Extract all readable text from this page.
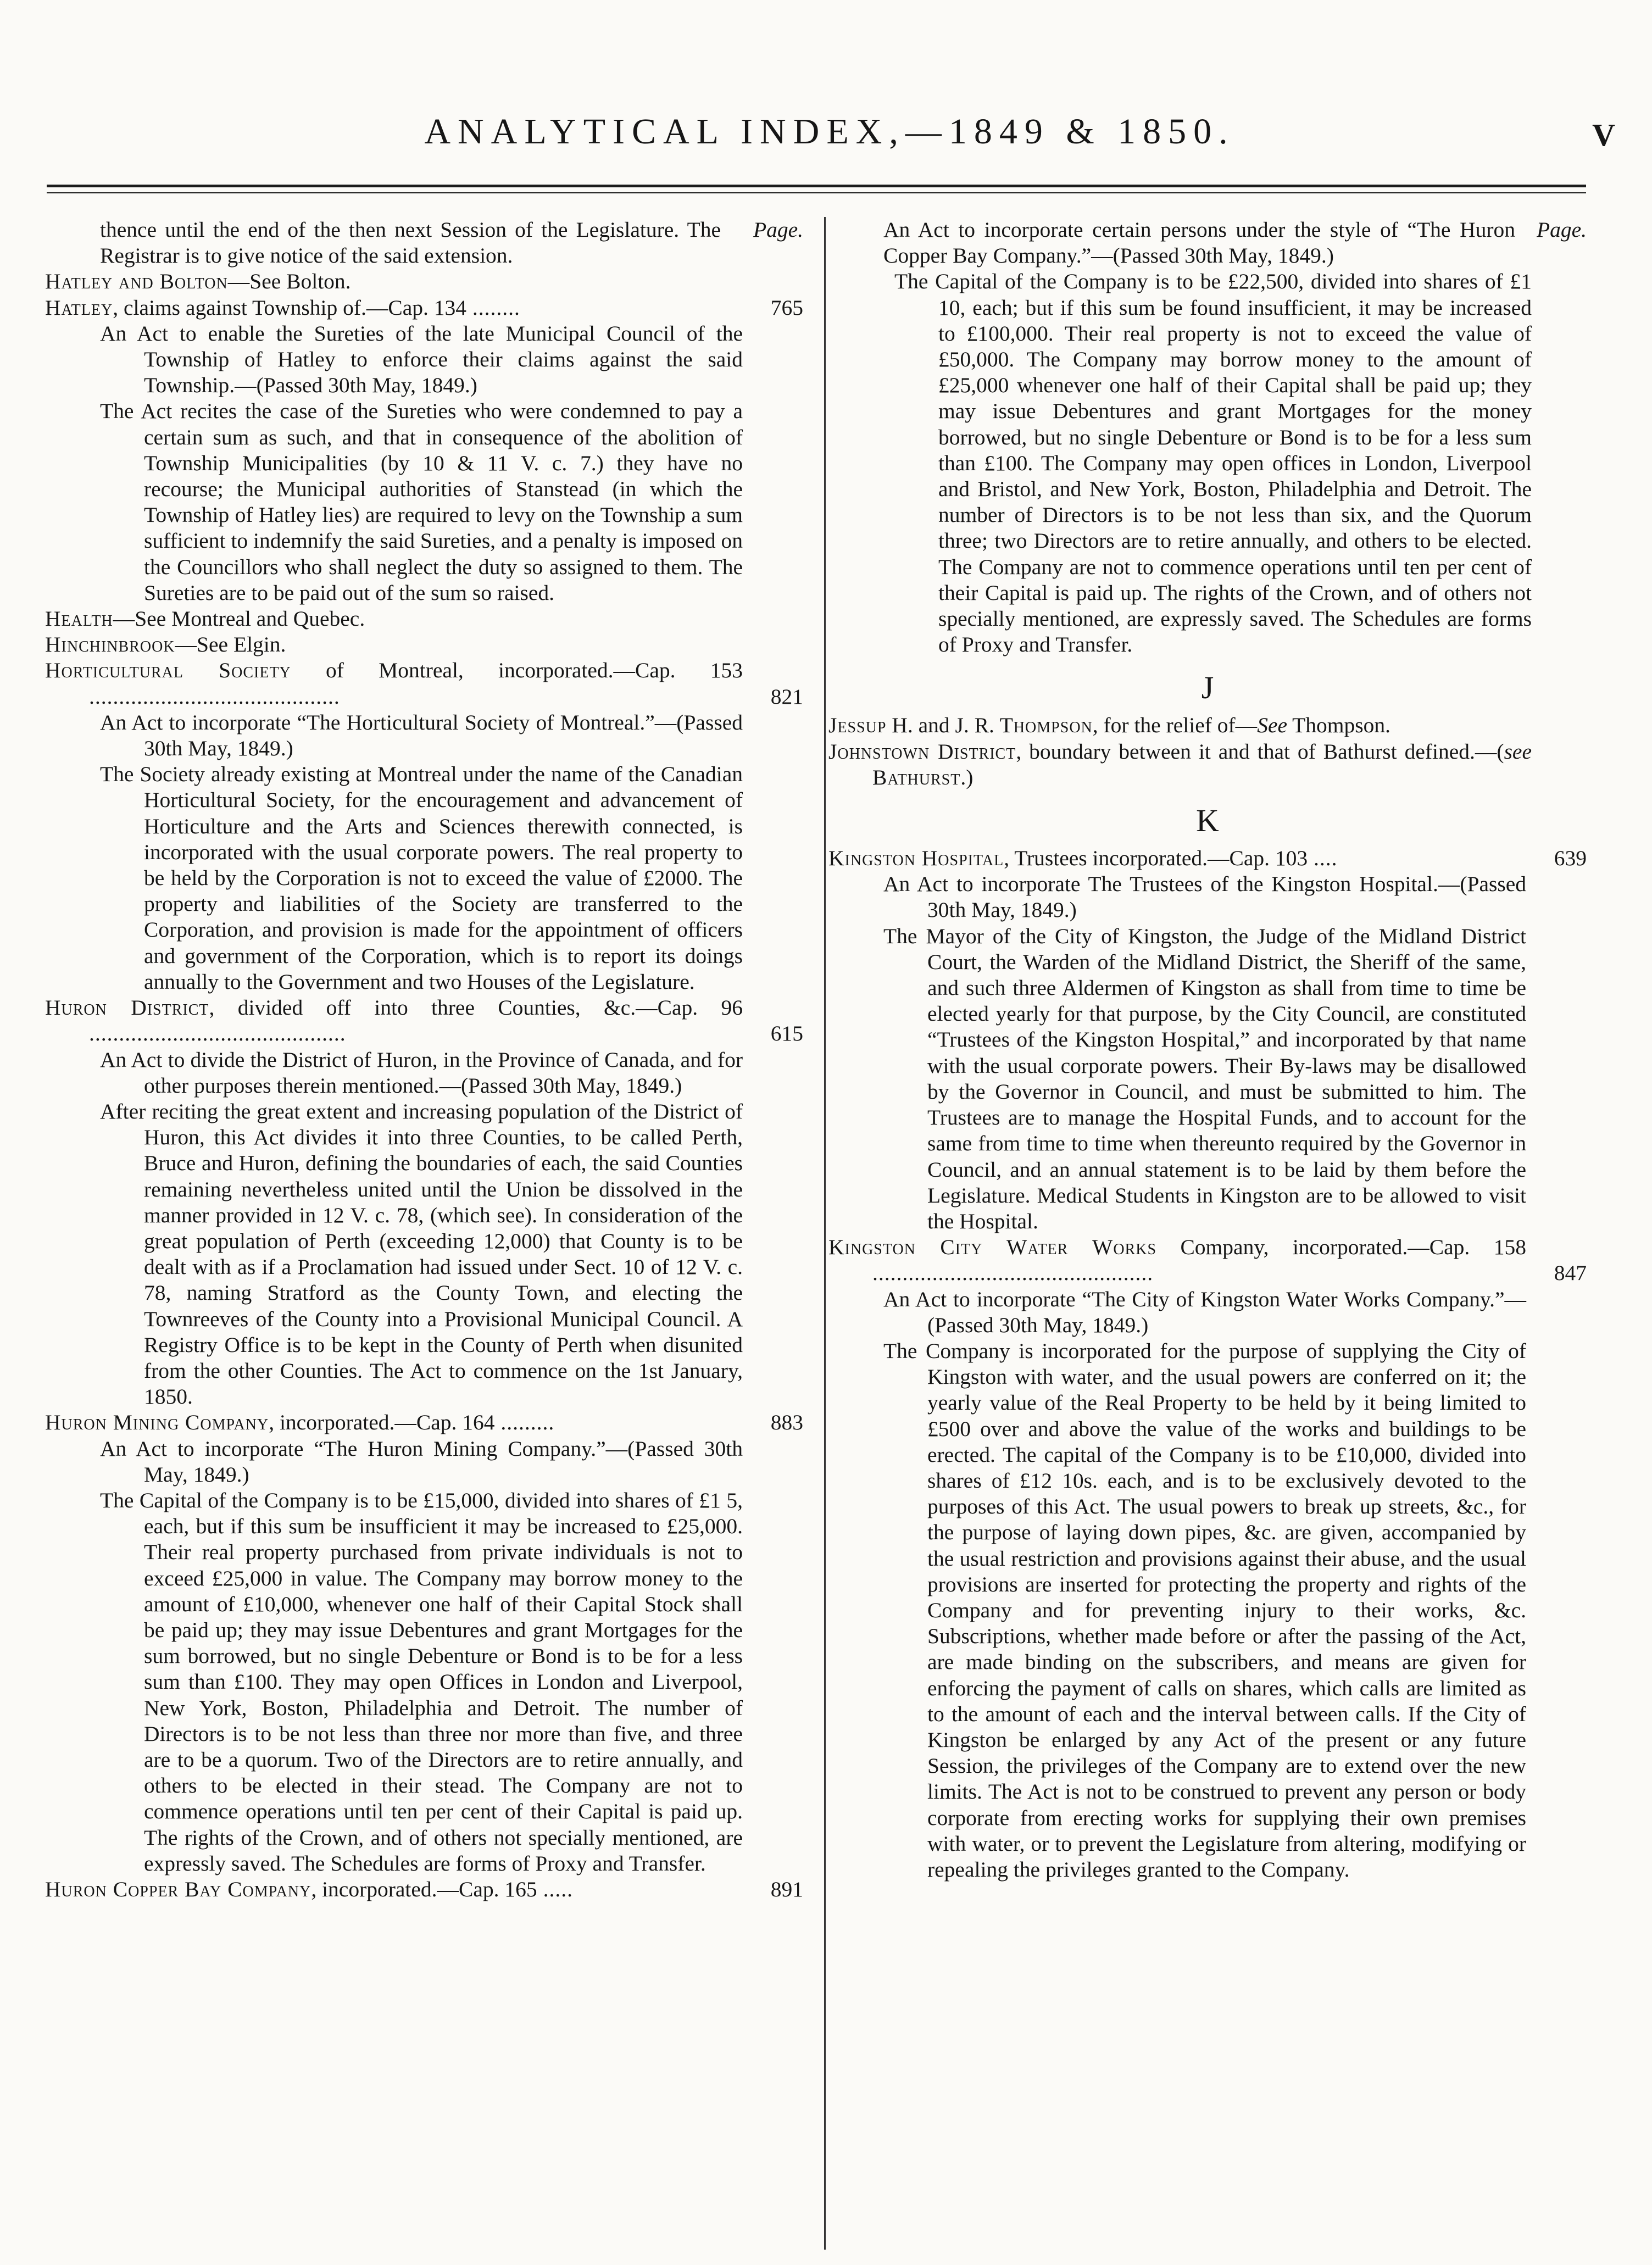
ANALYTICAL INDEX,—1849 & 1850.	V
Page.
thence until the end of the then next Session of the Legislature. The Registrar is to give notice of the said extension.
Hatley and Bolton—See Bolton.
Hatley, claims against Township of.—Cap. 134 ........	765
An Act to enable the Sureties of the late Municipal Council of the Township of Hatley to enforce their claims against the said Township.—(Passed 30th May, 1849.)
The Act recites the case of the Sureties who were condemned to pay a certain sum as such, and that in consequence of the abolition of Township Municipalities (by 10 & 11 V. c. 7.) they have no recourse; the Municipal authorities of Stanstead (in which the Township of Hatley lies) are required to levy on the Township a sum sufficient to indemnify the said Sureties, and a penalty is imposed on the Councillors who shall neglect the duty so assigned to them. The Sureties are to be paid out of the sum so raised.
Health—See Montreal and Quebec.
Hinchinbrook—See Elgin.
Horticultural Society of Montreal, incorporated.—Cap. 153 ..........................................	821
An Act to incorporate “The Horticultural Society of Montreal.”—(Passed 30th May, 1849.)
The Society already existing at Montreal under the name of the Canadian Horticultural Society, for the encouragement and advancement of Horticulture and the Arts and Sciences therewith connected, is incorporated with the usual corporate powers. The real property to be held by the Corporation is not to exceed the value of £2000. The property and liabilities of the Society are transferred to the Corporation, and provision is made for the appointment of officers and government of the Corporation, which is to report its doings annually to the Government and two Houses of the Legislature.
Huron District, divided off into three Counties, &c.—Cap. 96 ...........................................	615
An Act to divide the District of Huron, in the Province of Canada, and for other purposes therein mentioned.—(Passed 30th May, 1849.)
After reciting the great extent and increasing population of the District of Huron, this Act divides it into three Counties, to be called Perth, Bruce and Huron, defining the boundaries of each, the said Counties remaining nevertheless united until the Union be dissolved in the manner provided in 12 V. c. 78, (which see). In consideration of the great population of Perth (exceeding 12,000) that County is to be dealt with as if a Proclamation had issued under Sect. 10 of 12 V. c. 78, naming Stratford as the County Town, and electing the Townreeves of the County into a Provisional Municipal Council. A Registry Office is to be kept in the County of Perth when disunited from the other Counties. The Act to commence on the 1st January, 1850.
Huron Mining Company, incorporated.—Cap. 164 .........	883
An Act to incorporate “The Huron Mining Company.”—(Passed 30th May, 1849.)
The Capital of the Company is to be £15,000, divided into shares of £1 5, each, but if this sum be insufficient it may be increased to £25,000. Their real property purchased from private individuals is not to exceed £25,000 in value. The Company may borrow money to the amount of £10,000, whenever one half of their Capital Stock shall be paid up; they may issue Debentures and grant Mortgages for the sum borrowed, but no single Debenture or Bond is to be for a less sum than £100. They may open Offices in London and Liverpool, New York, Boston, Philadelphia and Detroit. The number of Directors is to be not less than three nor more than five, and three are to be a quorum. Two of the Directors are to retire annually, and others to be elected in their stead. The Company are not to commence operations until ten per cent of their Capital is paid up. The rights of the Crown, and of others not specially mentioned, are expressly saved. The Schedules are forms of Proxy and Transfer.
Huron Copper Bay Company, incorporated.—Cap. 165 .....	891
Page.
An Act to incorporate certain persons under the style of “The Huron Copper Bay Company.”—(Passed 30th May, 1849.)
The Capital of the Company is to be £22,500, divided into shares of £1 10, each; but if this sum be found insufficient, it may be increased to £100,000. Their real property is not to exceed the value of £50,000. The Company may borrow money to the amount of £25,000 whenever one half of their Capital shall be paid up; they may issue Debentures and grant Mortgages for the money borrowed, but no single Debenture or Bond is to be for a less sum than £100. The Company may open offices in London, Liverpool and Bristol, and New York, Boston, Philadelphia and Detroit. The number of Directors is to be not less than six, and the Quorum three; two Directors are to retire annually, and others to be elected. The Company are not to commence operations until ten per cent of their Capital is paid up. The rights of the Crown, and of others not specially mentioned, are expressly saved. The Schedules are forms of Proxy and Transfer.
J
Jessup H. and J. R. Thompson, for the relief of—See Thompson.
Johnstown District, boundary between it and that of Bathurst defined.—(see Bathurst.)
K
Kingston Hospital, Trustees incorporated.—Cap. 103 ....	639
An Act to incorporate The Trustees of the Kingston Hospital.—(Passed 30th May, 1849.)
The Mayor of the City of Kingston, the Judge of the Midland District Court, the Warden of the Midland District, the Sheriff of the same, and such three Aldermen of Kingston as shall from time to time be elected yearly for that purpose, by the City Council, are constituted “Trustees of the Kingston Hospital,” and incorporated by that name with the usual corporate powers. Their By-laws may be disallowed by the Governor in Council, and must be submitted to him. The Trustees are to manage the Hospital Funds, and to account for the same from time to time when thereunto required by the Governor in Council, and an annual statement is to be laid by them before the Legislature. Medical Students in Kingston are to be allowed to visit the Hospital.
Kingston City Water Works Company, incorporated.—Cap. 158 ...............................................	847
An Act to incorporate “The City of Kingston Water Works Company.”—(Passed 30th May, 1849.)
The Company is incorporated for the purpose of supplying the City of Kingston with water, and the usual powers are conferred on it; the yearly value of the Real Property to be held by it being limited to £500 over and above the value of the works and buildings to be erected. The capital of the Company is to be £10,000, divided into shares of £12 10s. each, and is to be exclusively devoted to the purposes of this Act. The usual powers to break up streets, &c., for the purpose of laying down pipes, &c. are given, accompanied by the usual restriction and provisions against their abuse, and the usual provisions are inserted for protecting the property and rights of the Company and for preventing injury to their works, &c. Subscriptions, whether made before or after the passing of the Act, are made binding on the subscribers, and means are given for enforcing the payment of calls on shares, which calls are limited as to the amount of each and the interval between calls. If the City of Kingston be enlarged by any Act of the present or any future Session, the privileges of the Company are to extend over the new limits. The Act is not to be construed to prevent any person or body corporate from erecting works for supplying their own premises with water, or to prevent the Legislature from altering, modifying or repealing the privileges granted to the Company.
